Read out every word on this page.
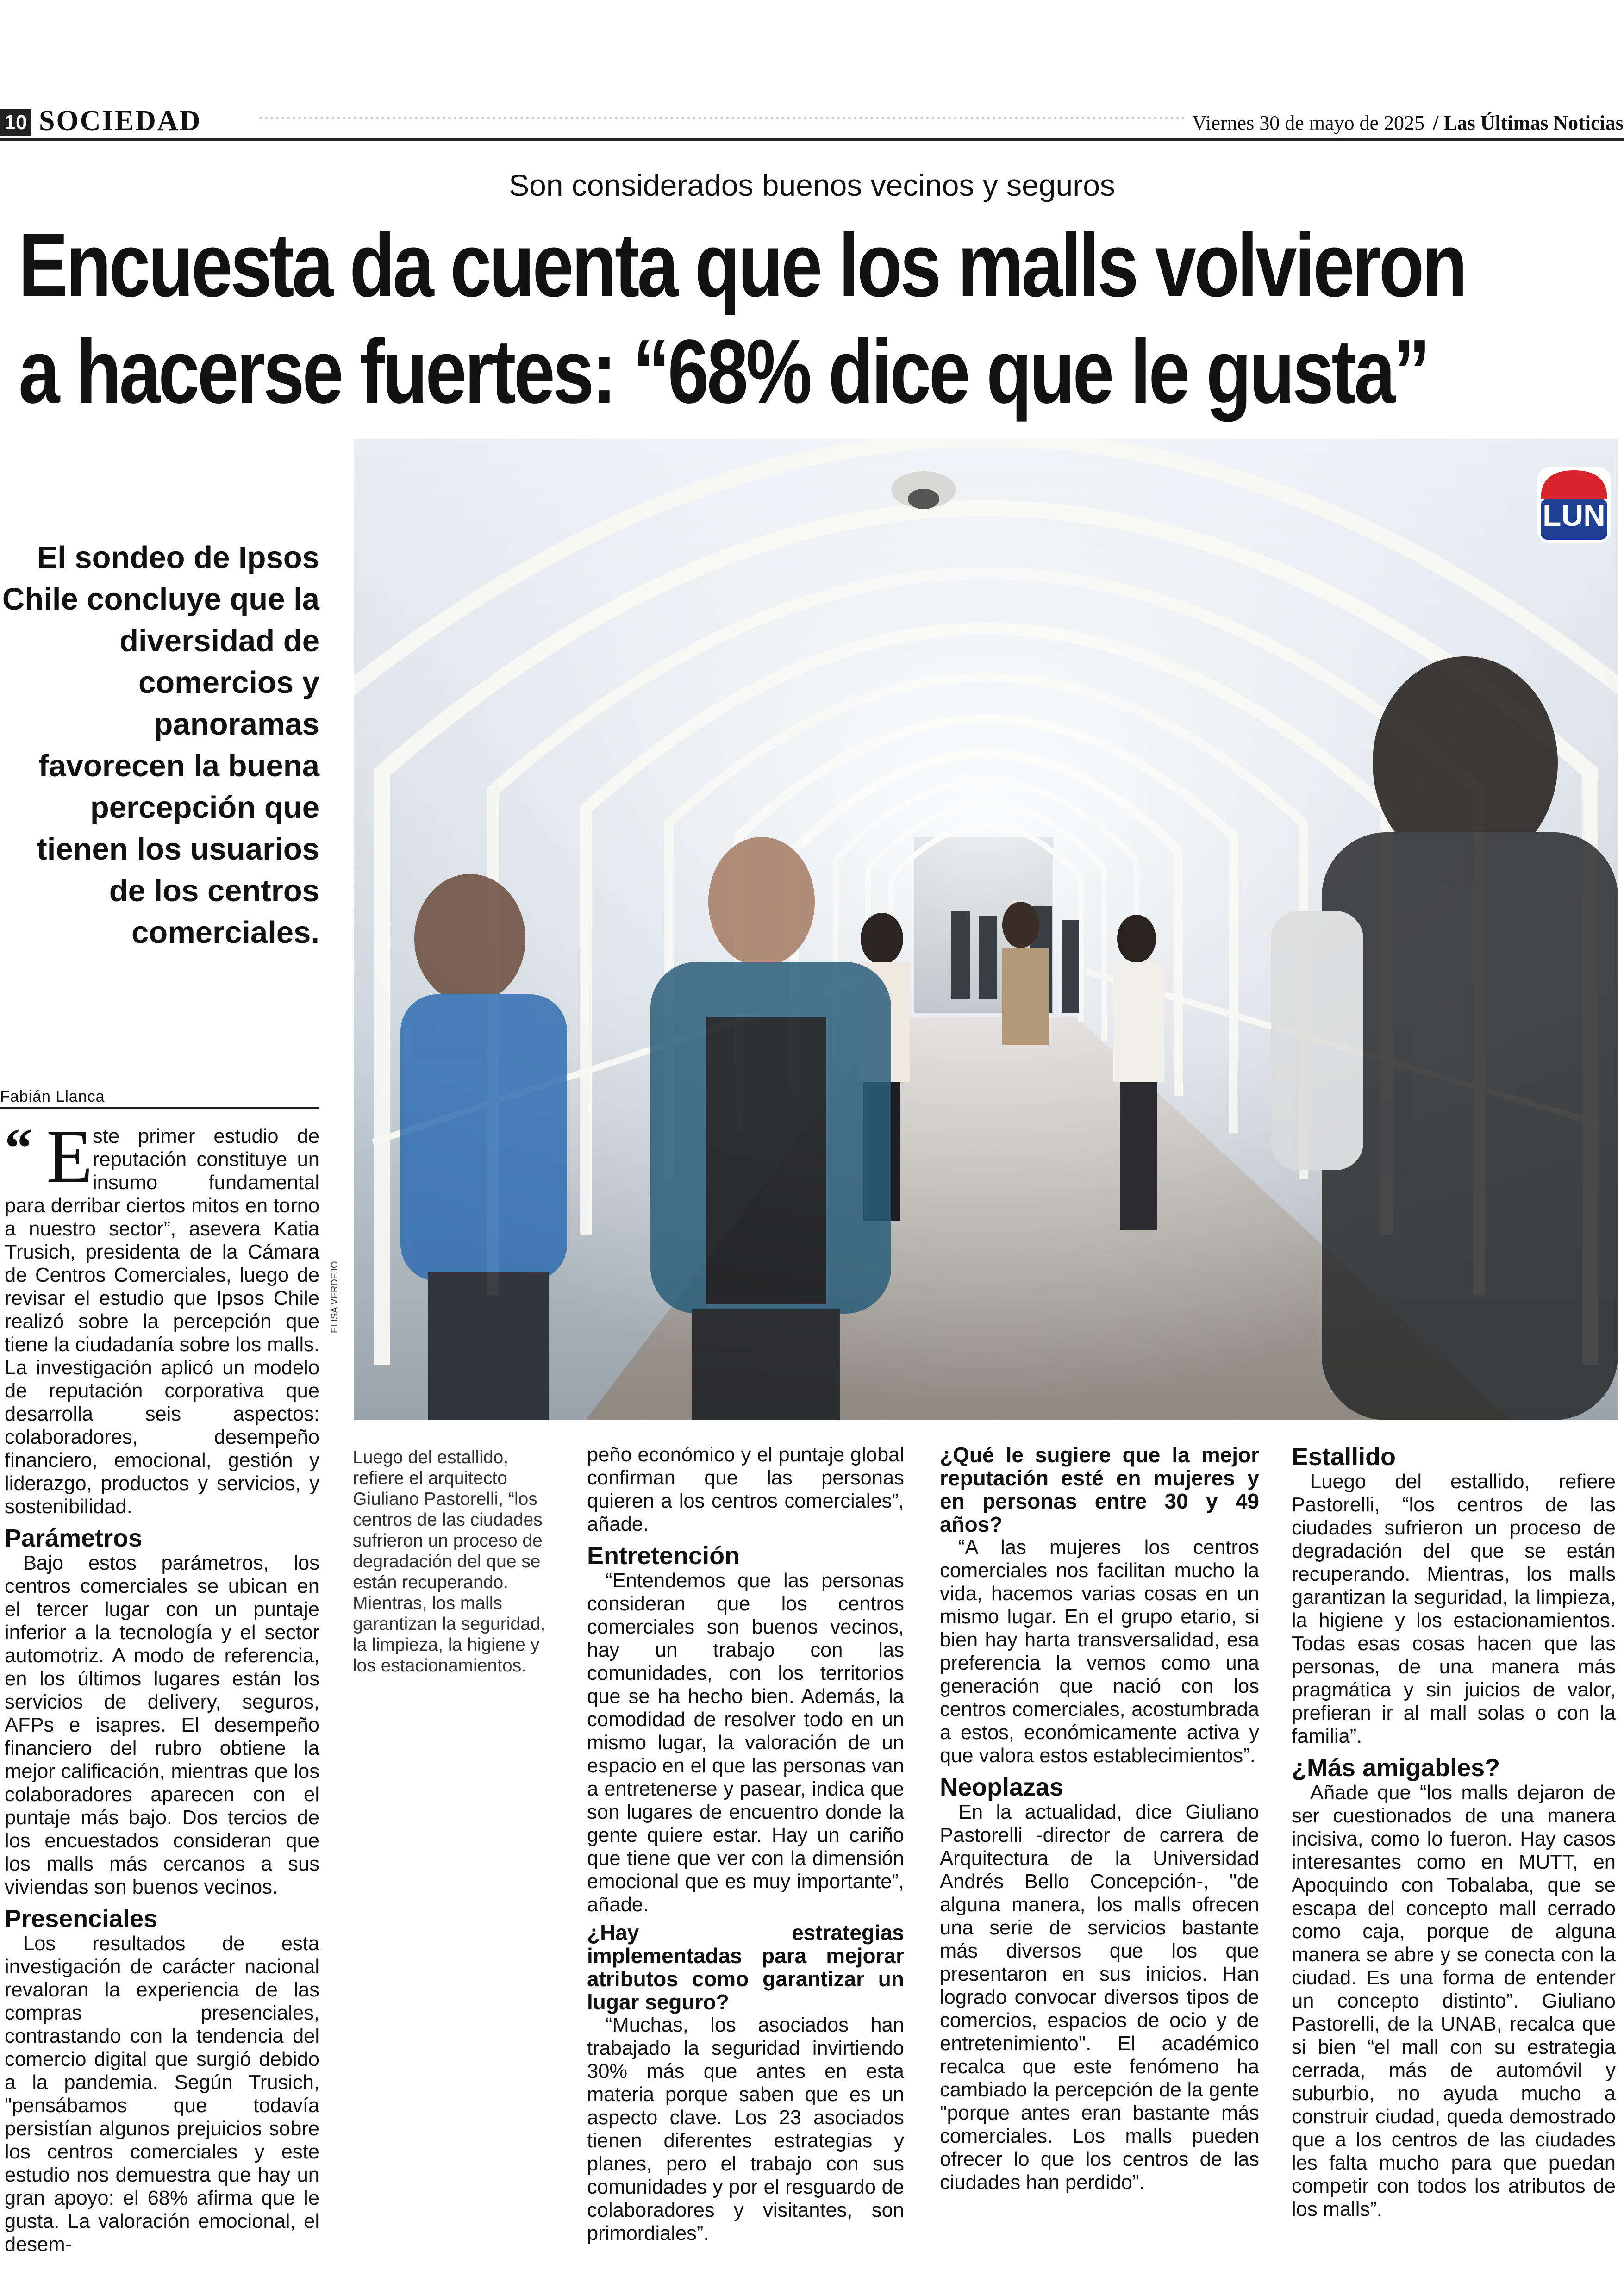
10 SOCIEDAD	Viernes 30 de mayo de 2025 / Las Últimas Noticias
Son considerados buenos vecinos y seguros
Encuesta da cuenta que los malls volvieron
a hacerse fuertes: “68% dice que le gusta”
El sondeo de Ipsos Chile concluye que la diversidad de comercios y panoramas favorecen la buena percepción que tienen los usuarios de los centros comerciales.
ELISA VERDEJO
LUN
Fabián Llanca
“ E ste primer estudio de reputación constituye un insumo fundamental para derribar ciertos mitos en torno a nuestro sector”, asevera Katia Trusich, presidenta de la Cámara de Centros Comerciales, luego de revisar el estudio que Ipsos Chile realizó sobre la percepción que tiene la ciudadanía sobre los malls. La investigación aplicó un modelo de reputación corporativa que desarrolla seis aspectos: colaboradores, desempeño financiero, emocional, gestión y liderazgo, productos y servicios, y sostenibilidad.

Parámetros

Bajo estos parámetros, los centros comerciales se ubican en el tercer lugar con un puntaje inferior a la tecnología y el sector automotriz. A modo de referencia, en los últimos lugares están los servicios de delivery, seguros, AFPs e isapres. El desempeño financiero del rubro obtiene la mejor calificación, mientras que los colaboradores aparecen con el puntaje más bajo. Dos tercios de los encuestados consideran que los malls más cercanos a sus viviendas son buenos vecinos.

Presenciales

Los resultados de esta investigación de carácter nacional revaloran la experiencia de las compras presenciales, contrastando con la tendencia del comercio digital que surgió debido a la pandemia. Según Trusich, "pensábamos que todavía persistían algunos prejuicios sobre los centros comerciales y este estudio nos demuestra que hay un gran apoyo: el 68% afirma que le gusta. La valoración emocional, el desem-

Luego del estallido, refiere el arquitecto Giuliano Pastorelli, “los centros de las ciudades sufrieron un proceso de degradación del que se están recuperando. Mientras, los malls garantizan la seguridad, la limpieza, la higiene y los estacionamientos.

peño económico y el puntaje global confirman que las personas quieren a los centros comerciales”, añade.

Entretención

“Entendemos que las personas consideran que los centros comerciales son buenos vecinos, hay un trabajo con las comunidades, con los territorios que se ha hecho bien. Además, la comodidad de resolver todo en un mismo lugar, la valoración de un espacio en el que las personas van a entretenerse y pasear, indica que son lugares de encuentro donde la gente quiere estar. Hay un cariño que tiene que ver con la dimensión emocional que es muy importante”, añade.

¿Hay estrategias implementadas para mejorar atributos como garantizar un lugar seguro?

“Muchas, los asociados han trabajado la seguridad invirtiendo 30% más que antes en esta materia porque saben que es un aspecto clave. Los 23 asociados tienen diferentes estrategias y planes, pero el trabajo con sus comunidades y por el resguardo de colaboradores y visitantes, son primordiales”.

¿Qué le sugiere que la mejor reputación esté en mujeres y en personas entre 30 y 49 años?

“A las mujeres los centros comerciales nos facilitan mucho la vida, hacemos varias cosas en un mismo lugar. En el grupo etario, si bien hay harta transversalidad, esa preferencia la vemos como una generación que nació con los centros comerciales, acostumbrada a estos, económicamente activa y que valora estos establecimientos”.

Neoplazas

En la actualidad, dice Giuliano Pastorelli -director de carrera de Arquitectura de la Universidad Andrés Bello Concepción-, "de alguna manera, los malls ofrecen una serie de servicios bastante más diversos que los que presentaron en sus inicios. Han logrado convocar diversos tipos de comercios, espacios de ocio y de entretenimiento". El académico recalca que este fenómeno ha cambiado la percepción de la gente "porque antes eran bastante más comerciales. Los malls pueden ofrecer lo que los centros de las ciudades han perdido”.

Estallido

Luego del estallido, refiere Pastorelli, “los centros de las ciudades sufrieron un proceso de degradación del que se están recuperando. Mientras, los malls garantizan la seguridad, la limpieza, la higiene y los estacionamientos. Todas esas cosas hacen que las personas, de una manera más pragmática y sin juicios de valor, prefieran ir al mall solas o con la familia”.

¿Más amigables?

Añade que “los malls dejaron de ser cuestionados de una manera incisiva, como lo fueron. Hay casos interesantes como en MUTT, en Apoquindo con Tobalaba, que se escapa del concepto mall cerrado como caja, porque de alguna manera se abre y se conecta con la ciudad. Es una forma de entender un concepto distinto”. Giuliano Pastorelli, de la UNAB, recalca que si bien “el mall con su estrategia cerrada, más de automóvil y suburbio, no ayuda mucho a construir ciudad, queda demostrado que a los centros de las ciudades les falta mucho para que puedan competir con todos los atributos de los malls”.
